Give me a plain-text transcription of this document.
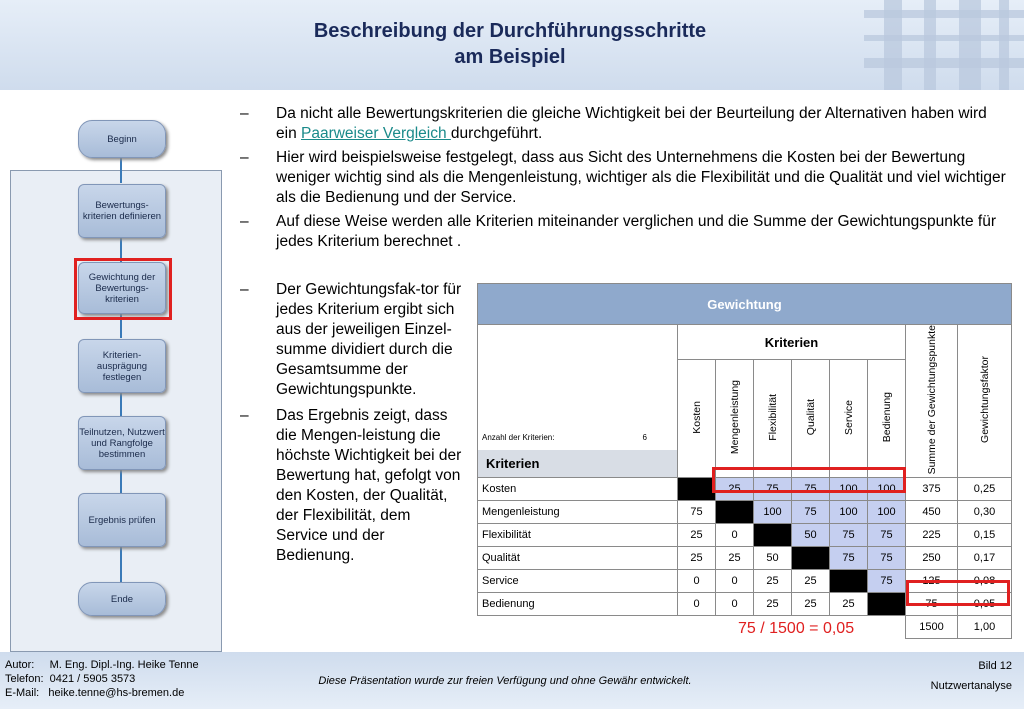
Beschreibung der Durchführungsschritte
am Beispiel
Beginn
Bewertungs-kriterien definieren
Gewichtung der Bewertungs-kriterien
Kriterien-ausprägung festlegen
Teilnutzen, Nutzwert und Rangfolge bestimmen
Ergebnis prüfen
Ende
– Da nicht alle Bewertungskriterien die gleiche Wichtigkeit bei der Beurteilung der Alternativen haben wird ein Paarweiser Vergleich durchgeführt.
– Hier wird beispielsweise festgelegt, dass aus Sicht des Unternehmens die Kosten bei der Bewertung weniger wichtig sind als die Mengenleistung, wichtiger als die Flexibilität und die Qualität und viel wichtiger als die Bedienung und der Service.
– Auf diese Weise werden alle Kriterien miteinander verglichen und die Summe der Gewichtungspunkte für jedes Kriterium berechnet .
– Der Gewichtungsfak-tor für jedes Kriterium ergibt sich aus der jeweiligen Einzel-summe dividiert durch die Gesamtsumme der Gewichtungspunkte.
– Das Ergebnis zeigt, dass die Mengen-leistung die höchste Wichtigkeit bei der Bewertung hat, gefolgt von den Kosten, der Qualität, der Flexibilität, dem Service und der Bedienung.
Gewichtung								

Anzahl der Kriterien: 6
Kriterien	Kriterien						Summe der Gewichtungspunkte	Gewichtungsfaktor
	Kosten	Mengenleistung	Flexibilität	Qualität	Service	Bedienung		

Kosten		25	75	75	100	100	375	0,25
Mengenleistung	75		100	75	100	100	450	0,30
Flexibilität	25	0		50	75	75	225	0,15
Qualität	25	25	50		75	75	250	0,17
Service	0	0	25	25		75	125	0,08
Bedienung	0	0	25	25	25		75	0,05
							1500	1,00
75 / 1500 = 0,05
Autor: M. Eng. Dipl.-Ing. Heike Tenne
Telefon: 0421 / 5905 3573
E-Mail: heike.tenne@hs-bremen.de
Diese Präsentation wurde zur freien Verfügung und ohne Gewähr entwickelt.
Bild 12
Nutzwertanalyse
